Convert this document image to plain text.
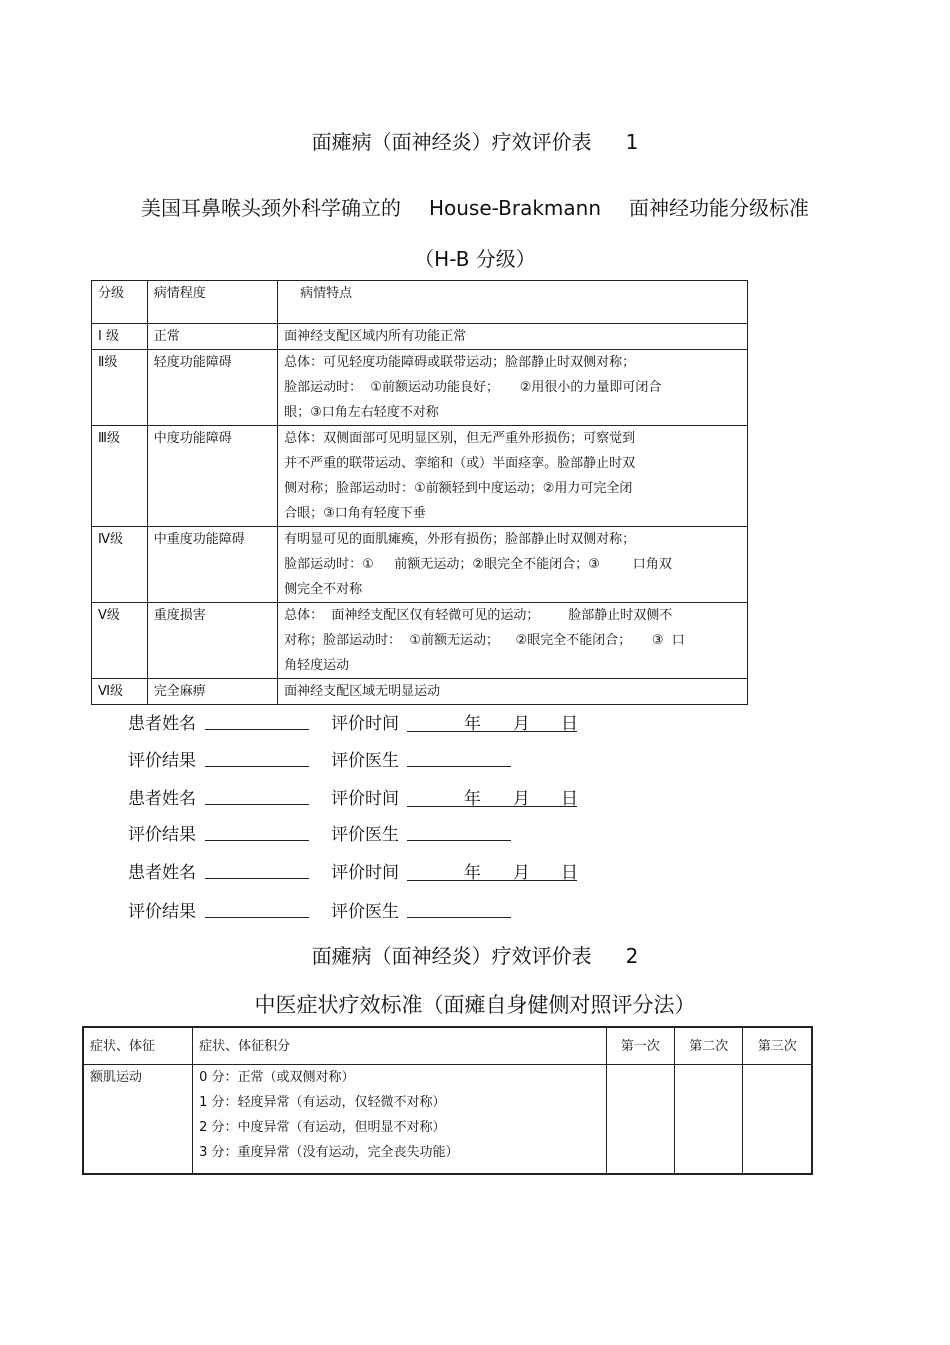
面瘫病（面神经炎）疗效评价表 1
美国耳鼻喉头颈外科学确立的 House-Brakmann 面神经功能分级标准
（H-B 分级）
分级	病情程度	病情特点
Ⅰ 级	正常	面神经支配区域内所有功能正常

Ⅱ级	轻度功能障碍	总体：可见轻度功能障碍或联带运动；脸部静止时双侧对称；
脸部运动时：  ①前额运动功能良好；     ②用很小的力量即可闭合
眼；③口角左右轻度不对称

Ⅲ级	中度功能障碍	总体：双侧面部可见明显区别，但无严重外形损伤；可察觉到
并不严重的联带运动、挛缩和（或）半面痉挛。脸部静止时双
侧对称；脸部运动时：①前额轻到中度运动；②用力可完全闭
合眼；③口角有轻度下垂

Ⅳ级	中重度功能障碍	有明显可见的面肌瘫痪，外形有损伤；脸部静止时双侧对称；
脸部运动时：①     前额无运动；②眼完全不能闭合；③        口角双
侧完全不对称

Ⅴ级	重度损害	总体：  面神经支配区仅有轻微可见的运动；       脸部静止时双侧不
对称；脸部运动时：  ①前额无运动；    ②眼完全不能闭合；     ③  口
角轻度运动

Ⅵ级	完全麻痹	面神经支配区域无明显运动
患者姓名	评价时间	年 月 日
评价结果	评价医生
患者姓名	评价时间	年 月 日
评价结果	评价医生
患者姓名	评价时间	年 月 日
评价结果	评价医生
面瘫病（面神经炎）疗效评价表 2
中医症状疗效标准（面瘫自身健侧对照评分法）
症状、体征	症状、体征积分	第一次	第二次	第三次
额肌运动	0 分：正常（或双侧对称）
1 分：轻度异常（有运动，仅轻微不对称）
2 分：中度异常（有运动，但明显不对称）
3 分：重度异常（没有运动，完全丧失功能）			
